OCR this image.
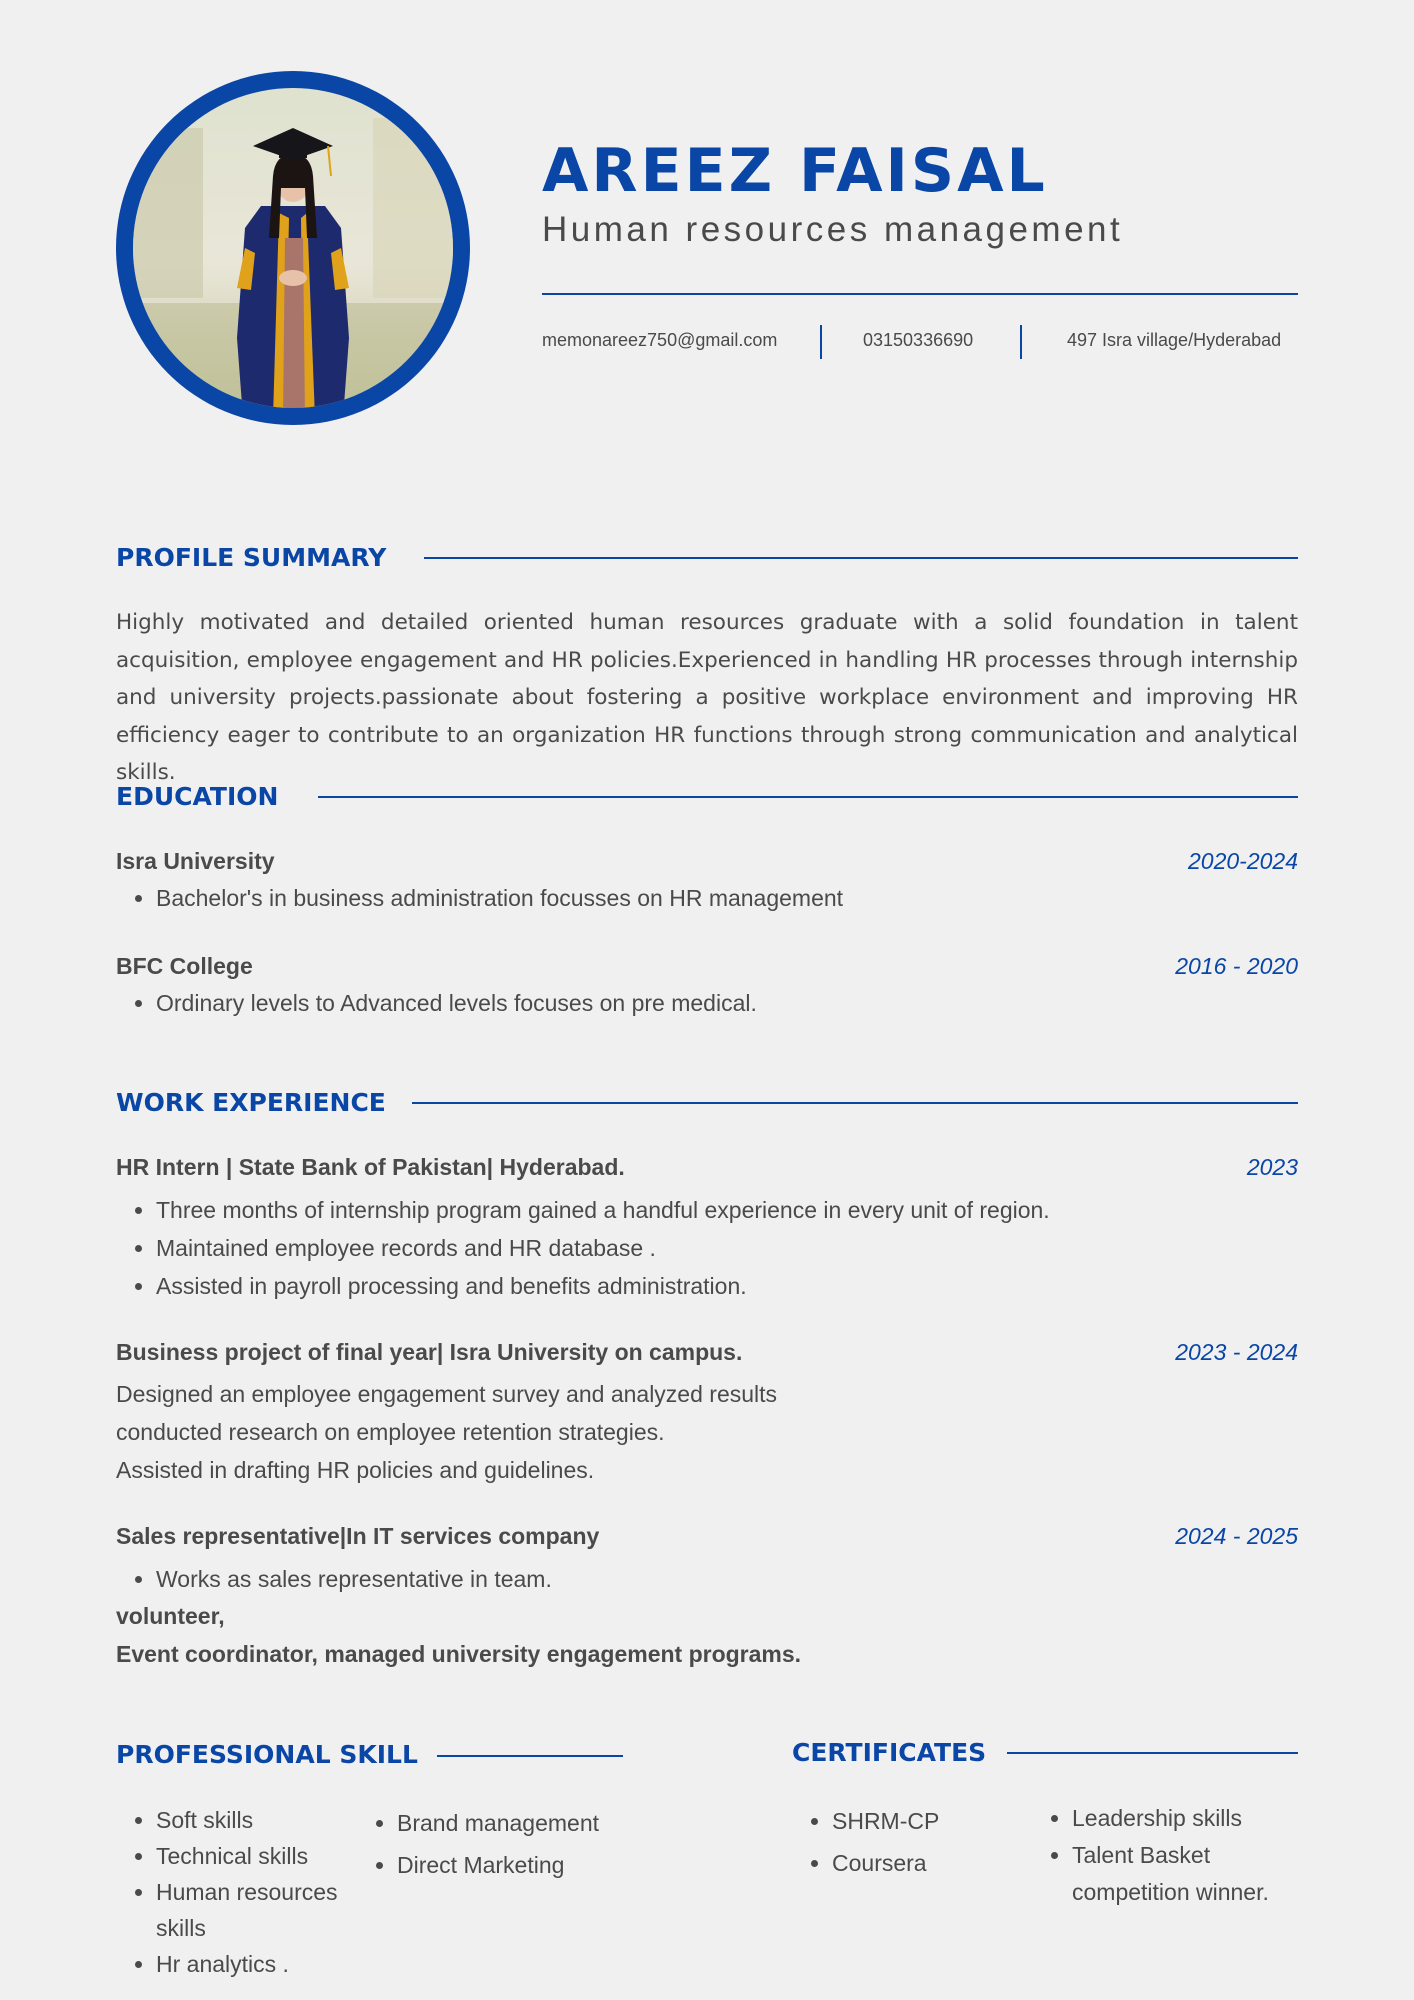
AREEZ FAISAL

Human resources management

memonareez750@gmail.com	03150336690	497 Isra village/Hyderabad
PROFILE SUMMARY

Highly motivated and detailed oriented human resources graduate with a solid foundation in talent acquisition, employee engagement and HR policies.Experienced in handling HR processes through internship and university projects.passionate about fostering a positive workplace environment and improving HR efficiency eager to contribute to an organization HR functions through strong communication and analytical skills.

EDUCATION
Isra University	2020-2024
• Bachelor's in business administration focusses on HR management
BFC College	2016 - 2020
• Ordinary levels to Advanced levels focuses on pre medical.
WORK EXPERIENCE
HR Intern | State Bank of Pakistan| Hyderabad.	2023
• Three months of internship program gained a handful experience in every unit of region.
• Maintained employee records and HR database .
• Assisted in payroll processing and benefits administration.
Business project of final year| Isra University on campus.	2023 - 2024
Designed an employee engagement survey and analyzed results
conducted research on employee retention strategies.
Assisted in drafting HR policies and guidelines.
Sales representative|In IT services company	2024 - 2025
• Works as sales representative in team.
volunteer,
Event coordinator, managed university engagement programs.
PROFESSIONAL SKILL
• Soft skills
• Technical skills
• Human resources skills
• Hr analytics .
• Brand management
• Direct Marketing
CERTIFICATES
• SHRM-CP
• Coursera
• Leadership skills
• Talent Basket competition winner.
